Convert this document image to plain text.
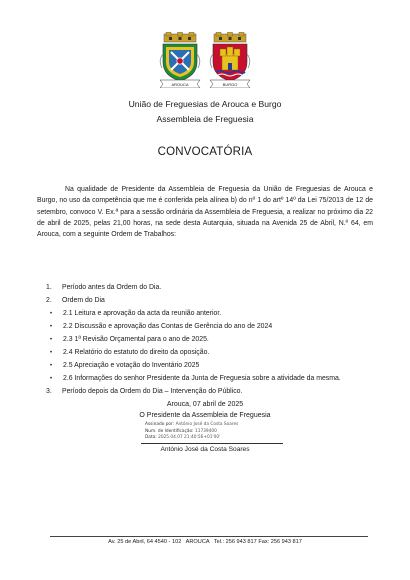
AROUCA	BURGO
União de Freguesias de Arouca e Burgo
Assembleia de Freguesia
CONVOCATÓRIA
Na qualidade de Presidente da Assembleia de Freguesia da União de Freguesias de Arouca e Burgo, no uso da competência que me é conferida pela alínea b) do nº 1 do artº 14º da Lei 75/2013 de 12 de setembro, convoco V. Ex.ª para a sessão ordinária da Assembleia de Freguesia, a realizar no próximo dia 22 de abril de 2025, pelas 21,00 horas, na sede desta Autarquia, situada na Avenida 25 de Abril, N.º 64, em Arouca, com a seguinte Ordem de Trabalhos:
1. Período antes da Ordem do Dia.
2. Ordem do Dia
• 2.1 Leitura e aprovação da acta da reunião anterior.
• 2.2 Discussão e aprovação das Contas de Gerência do ano de 2024
• 2.3 1ª Revisão Orçamental para o ano de 2025.
• 2.4 Relatório do estatuto do direito da oposição.
• 2.5 Apreciação e votação do Inventário 2025
• 2.6 Informações do senhor Presidente da Junta de Freguesia sobre a atividade da mesma.
3. Período depois da Ordem do Dia – Intervenção do Público.
Arouca, 07 abril de 2025
O Presidente da Assembleia de Freguesia
Assinado por: António José da Costa Soares
Num. de Identificação: 11739400
Data: 2025.04.07 21:40:56+01'00'
António José da Costa Soares
Av. 25 de Abril, 64 4540 - 102   AROUCA   Tel.: 256 943 817 Fax: 256 943 817
